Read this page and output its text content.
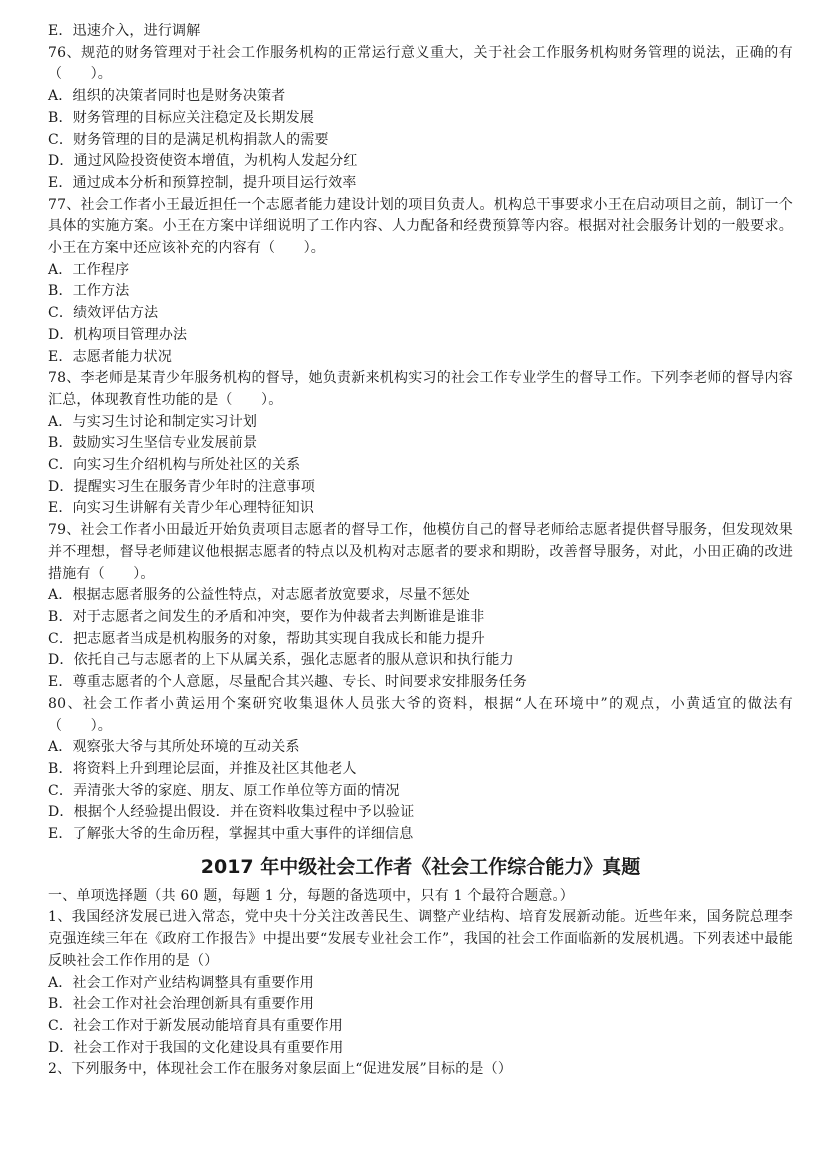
E．迅速介入，进行调解
76、规范的财务管理对于社会工作服务机构的正常运行意义重大，关于社会工作服务机构财务管理的说法，正确的有（　　）。
A．组织的决策者同时也是财务决策者
B．财务管理的目标应关注稳定及长期发展
C．财务管理的目的是满足机构捐款人的需要
D．通过风险投资使资本增值，为机构人发起分红
E．通过成本分析和预算控制，提升项目运行效率
77、社会工作者小王最近担任一个志愿者能力建设计划的项目负责人。机构总干事要求小王在启动项目之前，制订一个具体的实施方案。小王在方案中详细说明了工作内容、人力配备和经费预算等内容。根据对社会服务计划的一般要求。小王在方案中还应该补充的内容有（　　）。
A．工作程序
B．工作方法
C．绩效评估方法
D．机构项目管理办法
E．志愿者能力状况
78、李老师是某青少年服务机构的督导，她负责新来机构实习的社会工作专业学生的督导工作。下列李老师的督导内容汇总，体现教育性功能的是（　　）。
A．与实习生讨论和制定实习计划
B．鼓励实习生坚信专业发展前景
C．向实习生介绍机构与所处社区的关系
D．提醒实习生在服务青少年时的注意事项
E．向实习生讲解有关青少年心理特征知识
79、社会工作者小田最近开始负责项目志愿者的督导工作，他模仿自己的督导老师给志愿者提供督导服务，但发现效果并不理想，督导老师建议他根据志愿者的特点以及机构对志愿者的要求和期盼，改善督导服务，对此，小田正确的改进措施有（　　）。
A．根据志愿者服务的公益性特点，对志愿者放宽要求，尽量不惩处
B．对于志愿者之间发生的矛盾和冲突，要作为仲裁者去判断谁是谁非
C．把志愿者当成是机构服务的对象，帮助其实现自我成长和能力提升
D．依托自己与志愿者的上下从属关系，强化志愿者的服从意识和执行能力
E．尊重志愿者的个人意愿，尽量配合其兴趣、专长、时间要求安排服务任务
80、社会工作者小黄运用个案研究收集退休人员张大爷的资料，根据“人在环境中”的观点，小黄适宜的做法有（　　）。
A．观察张大爷与其所处环境的互动关系
B．将资料上升到理论层面，并推及社区其他老人
C．弄清张大爷的家庭、朋友、原工作单位等方面的情况
D．根据个人经验提出假设．并在资料收集过程中予以验证
E．了解张大爷的生命历程，掌握其中重大事件的详细信息
2017 年中级社会工作者《社会工作综合能力》真题
一、单项选择题（共 60 题，每题 1 分，每题的备选项中，只有 1 个最符合题意。）
1、我国经济发展已进入常态，党中央十分关注改善民生、调整产业结构、培育发展新动能。近些年来，国务院总理李克强连续三年在《政府工作报告》中提出要“发展专业社会工作”，我国的社会工作面临新的发展机遇。下列表述中最能反映社会工作作用的是（）
A．社会工作对产业结构调整具有重要作用
B．社会工作对社会治理创新具有重要作用
C．社会工作对于新发展动能培育具有重要作用
D．社会工作对于我国的文化建设具有重要作用
2、下列服务中，体现社会工作在服务对象层面上“促进发展”目标的是（）
